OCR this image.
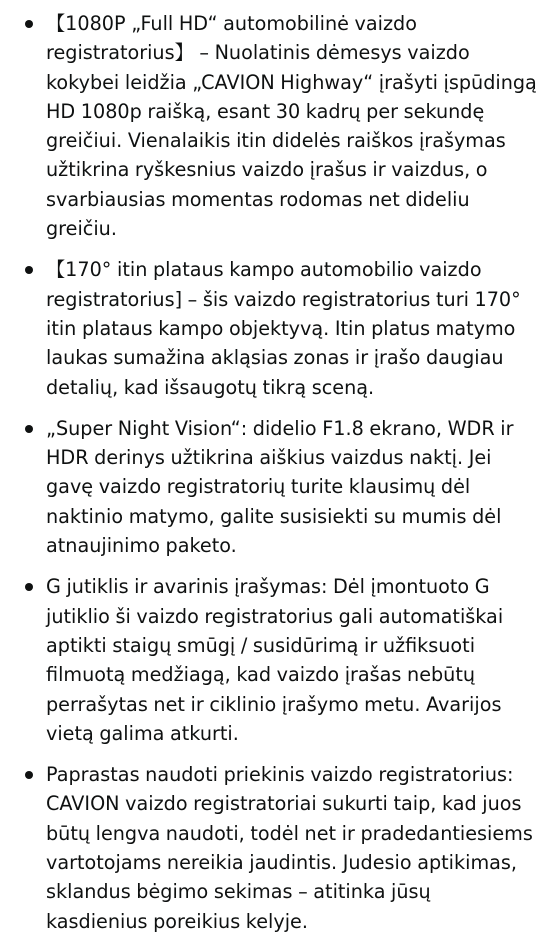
【1080P „Full HD“ automobilinė vaizdo registratorius】 – Nuolatinis dėmesys vaizdo kokybei leidžia „CAVION Highway“ įrašyti įspūdingą HD 1080p raišką, esant 30 kadrų per sekundę greičiui. Vienalaikis itin didelės raiškos įrašymas užtikrina ryškesnius vaizdo įrašus ir vaizdus, o svarbiausias momentas rodomas net dideliu greičiu.
【170° itin plataus kampo automobilio vaizdo registratorius] – šis vaizdo registratorius turi 170° itin plataus kampo objektyvą. Itin platus matymo laukas sumažina akląsias zonas ir įrašo daugiau detalių, kad išsaugotų tikrą sceną.
„Super Night Vision“: didelio F1.8 ekrano, WDR ir HDR derinys užtikrina aiškius vaizdus naktį. Jei gavę vaizdo registratorių turite klausimų dėl naktinio matymo, galite susisiekti su mumis dėl atnaujinimo paketo.
G jutiklis ir avarinis įrašymas: Dėl įmontuoto G jutiklio ši vaizdo registratorius gali automatiškai aptikti staigų smūgį / susidūrimą ir užfiksuoti filmuotą medžiagą, kad vaizdo įrašas nebūtų perrašytas net ir ciklinio įrašymo metu. Avarijos vietą galima atkurti.
Paprastas naudoti priekinis vaizdo registratorius: CAVION vaizdo registratoriai sukurti taip, kad juos būtų lengva naudoti, todėl net ir pradedantiesiems vartotojams nereikia jaudintis. Judesio aptikimas, sklandus bėgimo sekimas – atitinka jūsų kasdienius poreikius kelyje.
